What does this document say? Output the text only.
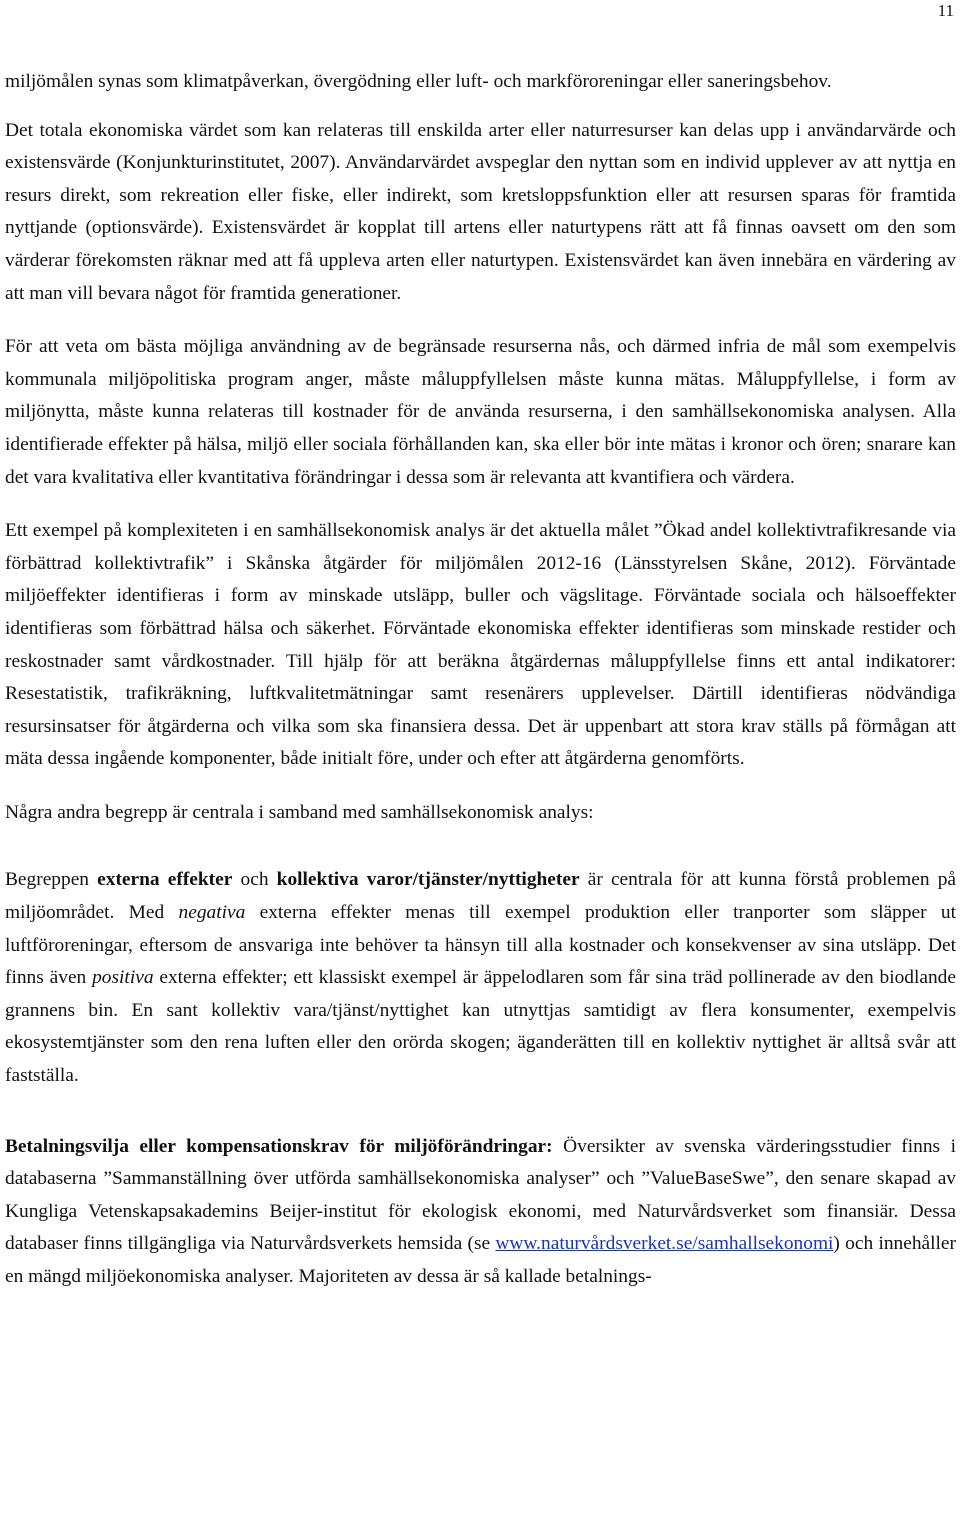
11

miljömålen synas som klimatpåverkan, övergödning eller luft- och markföroreningar eller saneringsbehov.

Det totala ekonomiska värdet som kan relateras till enskilda arter eller naturresurser kan delas upp i användarvärde och existensvärde (Konjunkturinstitutet, 2007). Användarvärdet avspeglar den nyttan som en individ upplever av att nyttja en resurs direkt, som rekreation eller fiske, eller indirekt, som kretsloppsfunktion eller att resursen sparas för framtida nyttjande (optionsvärde). Existensvärdet är kopplat till artens eller naturtypens rätt att få finnas oavsett om den som värderar förekomsten räknar med att få uppleva arten eller naturtypen. Existensvärdet kan även innebära en värdering av att man vill bevara något för framtida generationer.

För att veta om bästa möjliga användning av de begränsade resurserna nås, och därmed infria de mål som exempelvis kommunala miljöpolitiska program anger, måste måluppfyllelsen måste kunna mätas. Måluppfyllelse, i form av miljönytta, måste kunna relateras till kostnader för de använda resurserna, i den samhällsekonomiska analysen. Alla identifierade effekter på hälsa, miljö eller sociala förhållanden kan, ska eller bör inte mätas i kronor och ören; snarare kan det vara kvalitativa eller kvantitativa förändringar i dessa som är relevanta att kvantifiera och värdera.

Ett exempel på komplexiteten i en samhällsekonomisk analys är det aktuella målet ”Ökad andel kollektivtrafikresande via förbättrad kollektivtrafik” i Skånska åtgärder för miljömålen 2012-16 (Länsstyrelsen Skåne, 2012). Förväntade miljöeffekter identifieras i form av minskade utsläpp, buller och vägslitage. Förväntade sociala och hälsoeffekter identifieras som förbättrad hälsa och säkerhet. Förväntade ekonomiska effekter identifieras som minskade restider och reskostnader samt vårdkostnader. Till hjälp för att beräkna åtgärdernas måluppfyllelse finns ett antal indikatorer: Resestatistik, trafikräkning, luftkvalitetmätningar samt resenärers upplevelser. Därtill identifieras nödvändiga resursinsatser för åtgärderna och vilka som ska finansiera dessa. Det är uppenbart att stora krav ställs på förmågan att mäta dessa ingående komponenter, både initialt före, under och efter att åtgärderna genomförts.

Några andra begrepp är centrala i samband med samhällsekonomisk analys:

Begreppen externa effekter och kollektiva varor/tjänster/nyttigheter är centrala för att kunna förstå problemen på miljöområdet. Med negativa externa effekter menas till exempel produktion eller tranporter som släpper ut luftföroreningar, eftersom de ansvariga inte behöver ta hänsyn till alla kostnader och konsekvenser av sina utsläpp. Det finns även positiva externa effekter; ett klassiskt exempel är äppelodlaren som får sina träd pollinerade av den biodlande grannens bin. En sant kollektiv vara/tjänst/nyttighet kan utnyttjas samtidigt av flera konsumenter, exempelvis ekosystemtjänster som den rena luften eller den orörda skogen; äganderätten till en kollektiv nyttighet är alltså svår att fastställa.

Betalningsvilja eller kompensationskrav för miljöförändringar: Översikter av svenska värderingsstudier finns i databaserna ”Sammanställning över utförda samhällsekonomiska analyser” och ”ValueBaseSwe”, den senare skapad av Kungliga Vetenskapsakademins Beijer-institut för ekologisk ekonomi, med Naturvårdsverket som finansiär. Dessa databaser finns tillgängliga via Naturvårdsverkets hemsida (se www.naturvårdsverket.se/samhallsekonomi) och innehåller en mängd miljöekonomiska analyser. Majoriteten av dessa är så kallade betalnings-
